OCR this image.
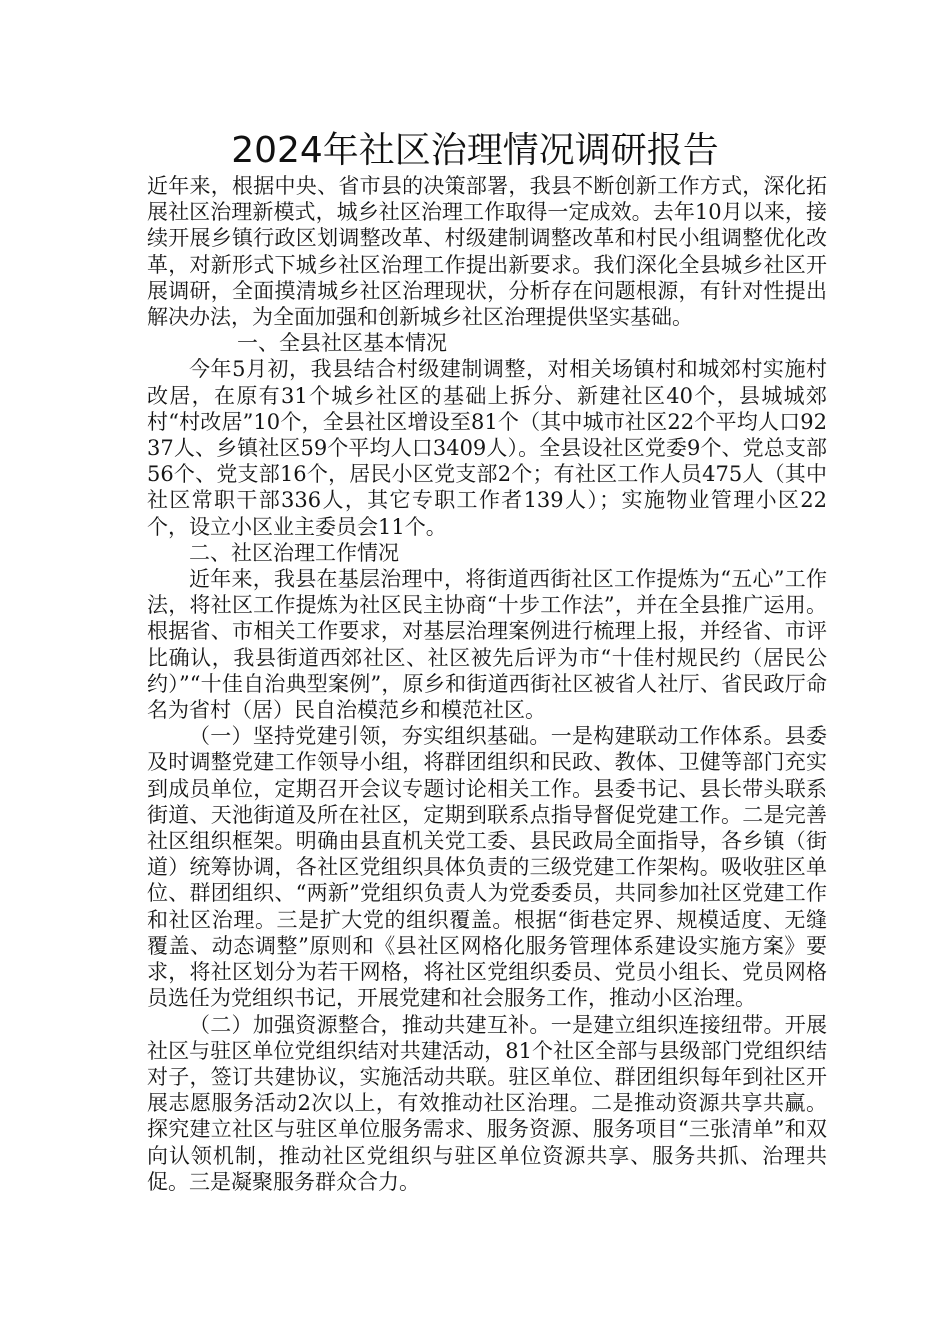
2024年社区治理情况调研报告

近年来，根据中央、省市县的决策部署，我县不断创新工作方式，深化拓展社区治理新模式，城乡社区治理工作取得一定成效。去年10月以来，接续开展乡镇行政区划调整改革、村级建制调整改革和村民小组调整优化改革，对新形式下城乡社区治理工作提出新要求。我们深化全县城乡社区开展调研，全面摸清城乡社区治理现状，分析存在问题根源，有针对性提出解决办法，为全面加强和创新城乡社区治理提供坚实基础。

一、全县社区基本情况

今年5月初，我县结合村级建制调整，对相关场镇村和城郊村实施村改居，在原有31个城乡社区的基础上拆分、新建社区40个，县城城郊村“村改居”10个，全县社区增设至81个（其中城市社区22个平均人口9237人、乡镇社区59个平均人口3409人）。全县设社区党委9个、党总支部56个、党支部16个，居民小区党支部2个；有社区工作人员475人（其中社区常职干部336人，其它专职工作者139人）；实施物业管理小区22个，设立小区业主委员会11个。

二、社区治理工作情况

近年来，我县在基层治理中，将街道西街社区工作提炼为“五心”工作法，将社区工作提炼为社区民主协商“十步工作法”，并在全县推广运用。根据省、市相关工作要求，对基层治理案例进行梳理上报，并经省、市评比确认，我县街道西郊社区、社区被先后评为市“十佳村规民约（居民公约）”“十佳自治典型案例”，原乡和街道西街社区被省人社厅、省民政厅命名为省村（居）民自治模范乡和模范社区。

（一）坚持党建引领，夯实组织基础。一是构建联动工作体系。县委及时调整党建工作领导小组，将群团组织和民政、教体、卫健等部门充实到成员单位，定期召开会议专题讨论相关工作。县委书记、县长带头联系街道、天池街道及所在社区，定期到联系点指导督促党建工作。二是完善社区组织框架。明确由县直机关党工委、县民政局全面指导，各乡镇（街道）统筹协调，各社区党组织具体负责的三级党建工作架构。吸收驻区单位、群团组织、“两新”党组织负责人为党委委员，共同参加社区党建工作和社区治理。三是扩大党的组织覆盖。根据“街巷定界、规模适度、无缝覆盖、动态调整”原则和《县社区网格化服务管理体系建设实施方案》要求，将社区划分为若干网格，将社区党组织委员、党员小组长、党员网格员选任为党组织书记，开展党建和社会服务工作，推动小区治理。

（二）加强资源整合，推动共建互补。一是建立组织连接纽带。开展社区与驻区单位党组织结对共建活动，81个社区全部与县级部门党组织结对子，签订共建协议，实施活动共联。驻区单位、群团组织每年到社区开展志愿服务活动2次以上，有效推动社区治理。二是推动资源共享共赢。探究建立社区与驻区单位服务需求、服务资源、服务项目“三张清单”和双向认领机制，推动社区党组织与驻区单位资源共享、服务共抓、治理共促。三是凝聚服务群众合力。
